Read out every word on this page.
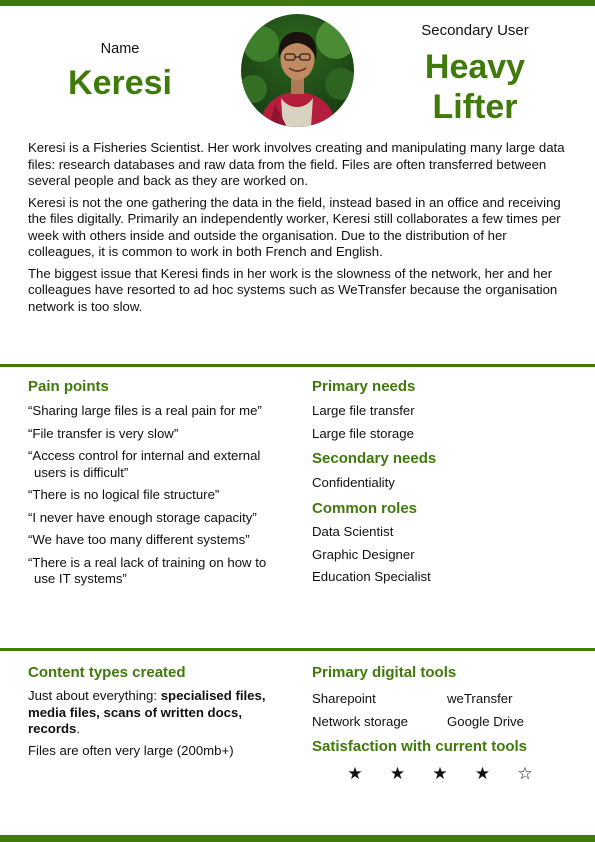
Name
Keresi
Secondary User
Heavy
Lifter

Keresi is a Fisheries Scientist. Her work involves creating and manipulating many large data files: research databases and raw data from the field. Files are often transferred between several people and back as they are worked on.

Keresi is not the one gathering the data in the field, instead based in an office and receiving the files digitally. Primarily an independently worker, Keresi still collaborates a few times per week with others inside and outside the organisation. Due to the distribution of her colleagues, it is common to work in both French and English.

The biggest issue that Keresi finds in her work is the slowness of the network, her and her colleagues have resorted to ad hoc systems such as WeTransfer because the organisation network is too slow.

Pain points
“Sharing large files is a real pain for me”
“File transfer is very slow”
“Access control for internal and external users is difficult”
“There is no logical file structure”
“I never have enough storage capacity”
“We have too many different systems”
“There is a real lack of training on how to use IT systems”
Primary needs
Large file transfer
Large file storage
Secondary needs
Confidentiality
Common roles
Data Scientist
Graphic Designer
Education Specialist
Content types created
Just about everything: specialised files, media files, scans of written docs, records.
Files are often very large (200mb+)
Primary digital tools
Sharepoint
Network storage
weTransfer
Google Drive
Satisfaction with current tools
★ ★ ★ ★ ☆
